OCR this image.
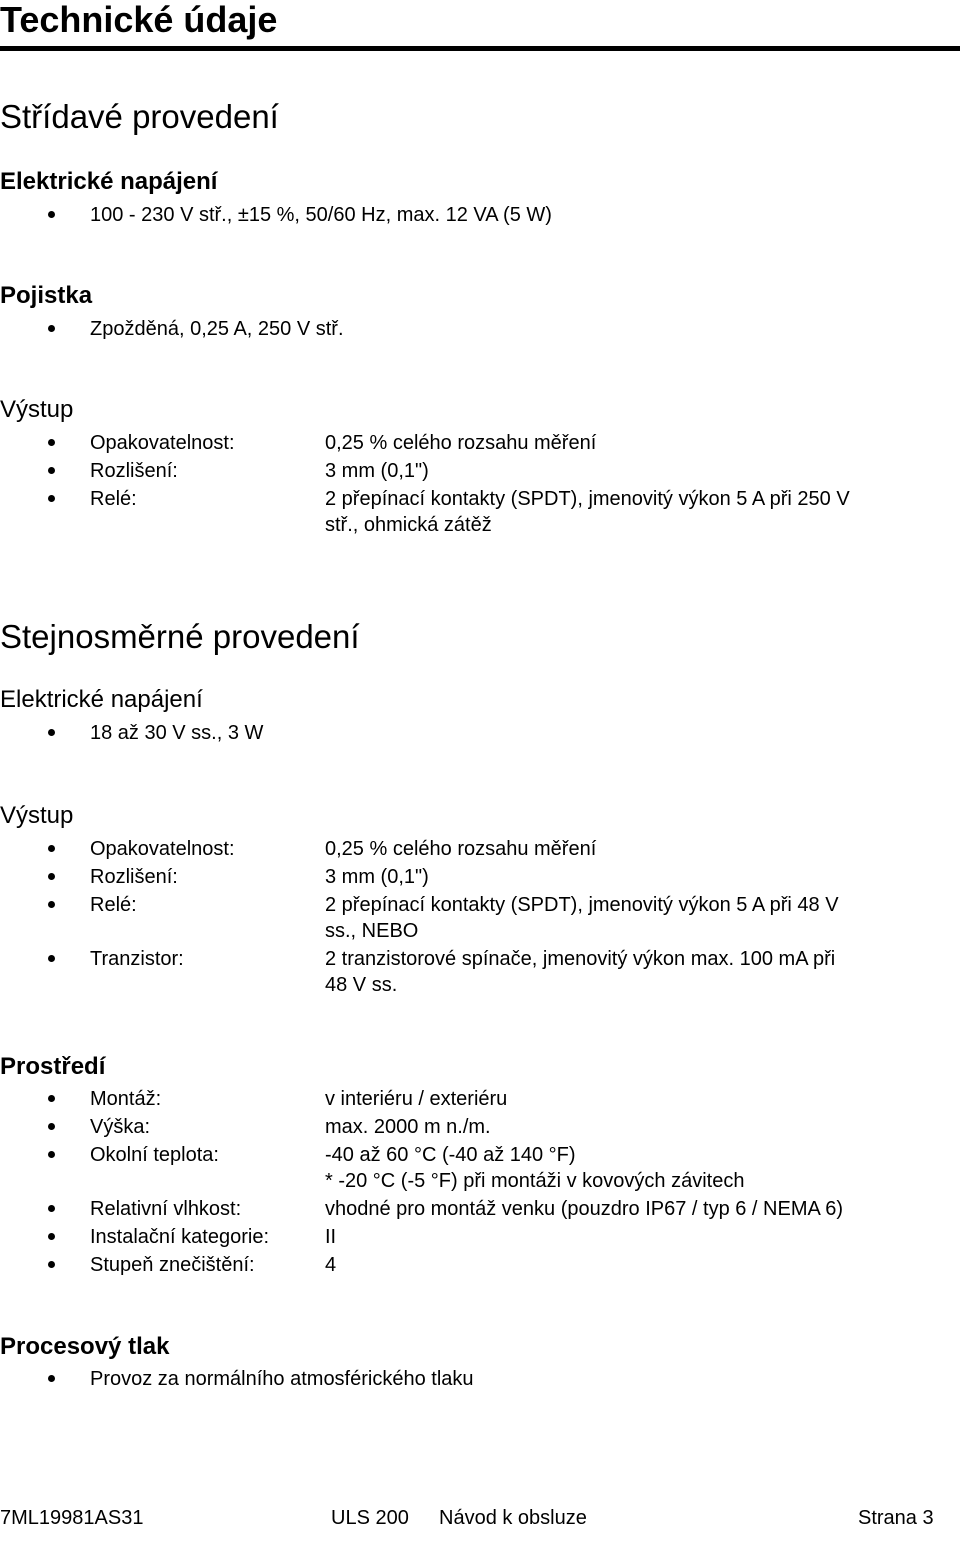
Technické údaje
Střídavé provedení
Elektrické napájení
100 - 230 V stř., ±15 %, 50/60 Hz, max. 12 VA (5 W)
Pojistka
Zpožděná, 0,25 A, 250 V stř.
Výstup
Opakovatelnost:	0,25 % celého rozsahu měření
Rozlišení:	3 mm (0,1")
Relé:	2 přepínací kontakty (SPDT), jmenovitý výkon 5 A při 250 V
stř., ohmická zátěž
Stejnosměrné provedení
Elektrické napájení
18 až 30 V ss., 3 W
Výstup
Opakovatelnost:	0,25 % celého rozsahu měření
Rozlišení:	3 mm (0,1")
Relé:	2 přepínací kontakty (SPDT), jmenovitý výkon 5 A při 48 V
ss., NEBO
Tranzistor:	2 tranzistorové spínače, jmenovitý výkon max. 100 mA při
48 V ss.
Prostředí
Montáž:	v interiéru / exteriéru
Výška:	max. 2000 m n./m.
Okolní teplota:	-40 až 60 °C (-40 až 140 °F)
* -20 °C (-5 °F) při montáži v kovových závitech
Relativní vlhkost:	vhodné pro montáž venku (pouzdro IP67 / typ 6 / NEMA 6)
Instalační kategorie:	II
Stupeň znečištění:	4
Procesový tlak
Provoz za normálního atmosférického tlaku
7ML19981AS31	ULS 200 Návod k obsluze	Strana 3
